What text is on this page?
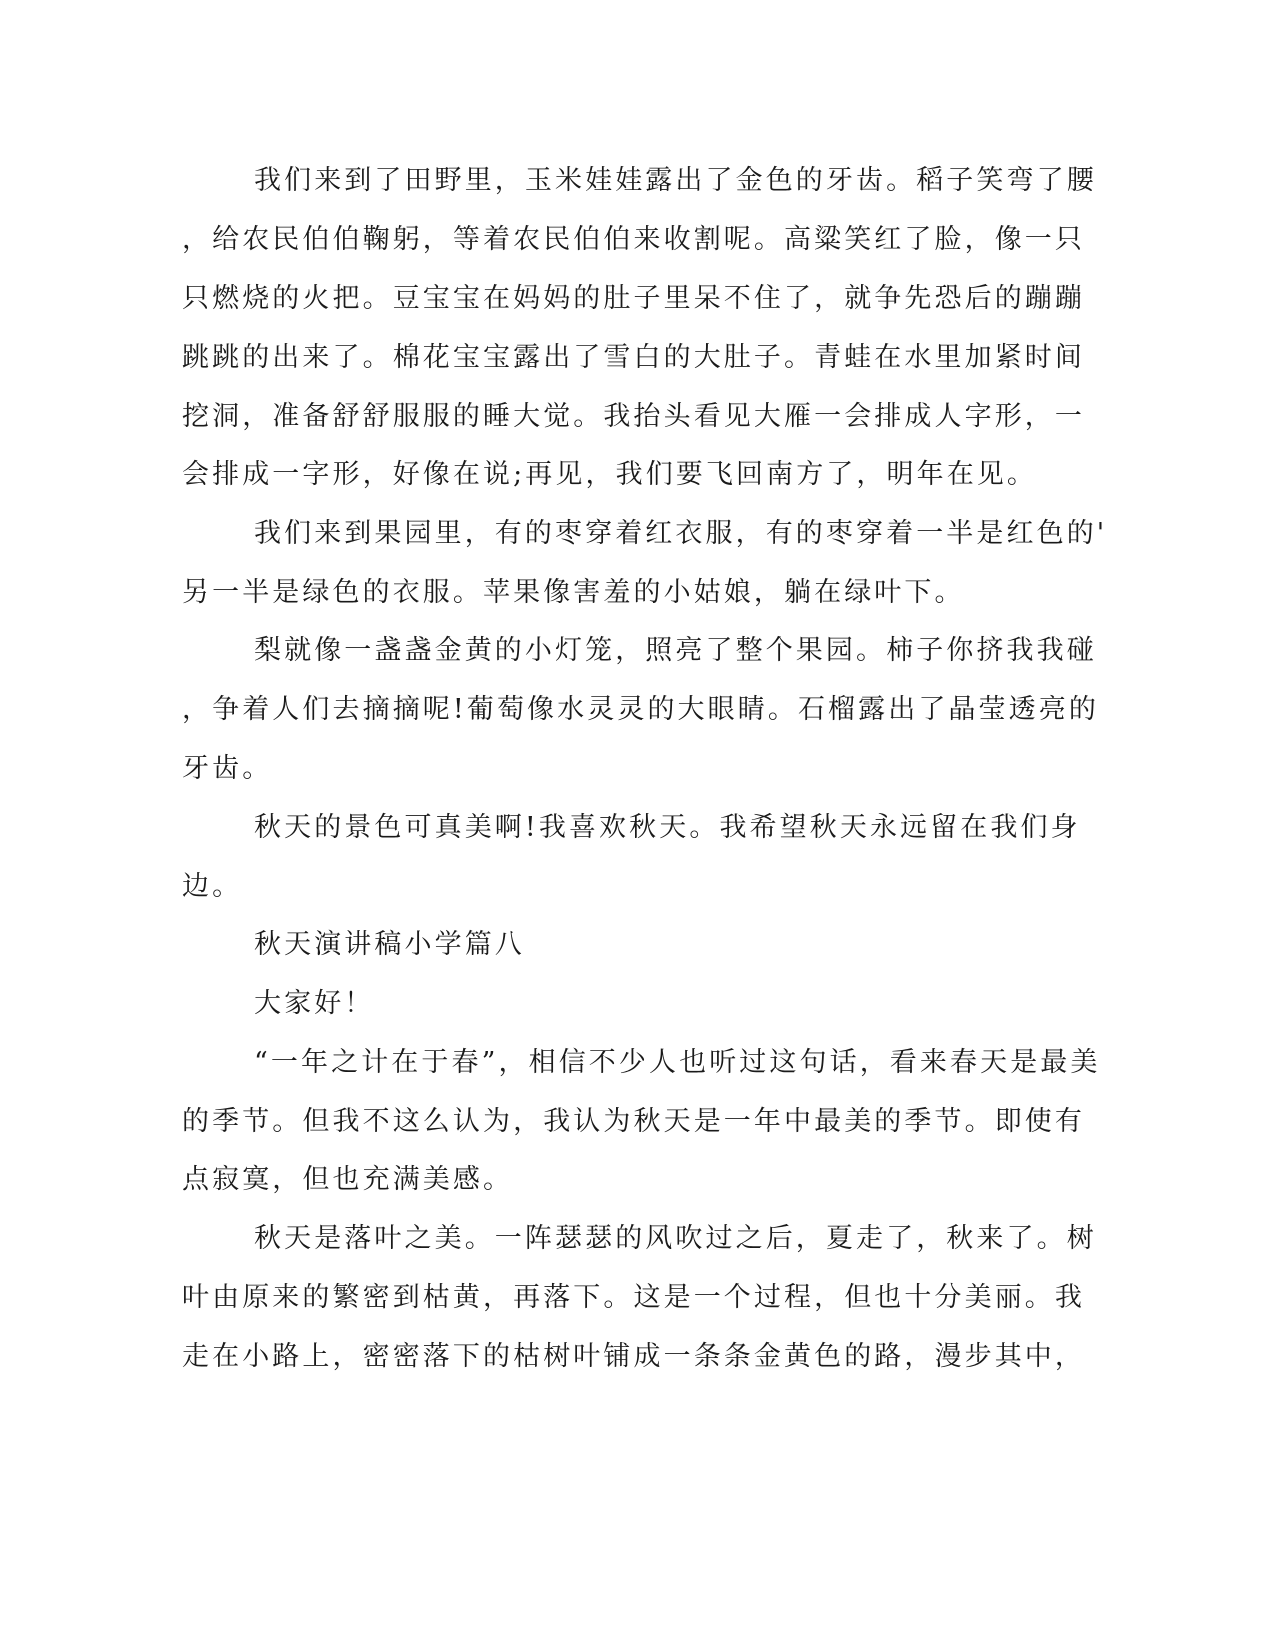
我们来到了田野里，玉米娃娃露出了金色的牙齿。稻子笑弯了腰
，给农民伯伯鞠躬，等着农民伯伯来收割呢。高粱笑红了脸，像一只
只燃烧的火把。豆宝宝在妈妈的肚子里呆不住了，就争先恐后的蹦蹦
跳跳的出来了。棉花宝宝露出了雪白的大肚子。青蛙在水里加紧时间
挖洞，准备舒舒服服的睡大觉。我抬头看见大雁一会排成人字形，一
会排成一字形，好像在说;再见，我们要飞回南方了，明年在见。
我们来到果园里，有的枣穿着红衣服，有的枣穿着一半是红色的'
另一半是绿色的衣服。苹果像害羞的小姑娘，躺在绿叶下。
梨就像一盏盏金黄的小灯笼，照亮了整个果园。柿子你挤我我碰
，争着人们去摘摘呢!葡萄像水灵灵的大眼睛。石榴露出了晶莹透亮的
牙齿。
秋天的景色可真美啊!我喜欢秋天。我希望秋天永远留在我们身
边。
秋天演讲稿小学篇八
大家好！
“一年之计在于春”，相信不少人也听过这句话，看来春天是最美
的季节。但我不这么认为，我认为秋天是一年中最美的季节。即使有
点寂寞，但也充满美感。
秋天是落叶之美。一阵瑟瑟的风吹过之后，夏走了，秋来了。树
叶由原来的繁密到枯黄，再落下。这是一个过程，但也十分美丽。我
走在小路上，密密落下的枯树叶铺成一条条金黄色的路，漫步其中，
